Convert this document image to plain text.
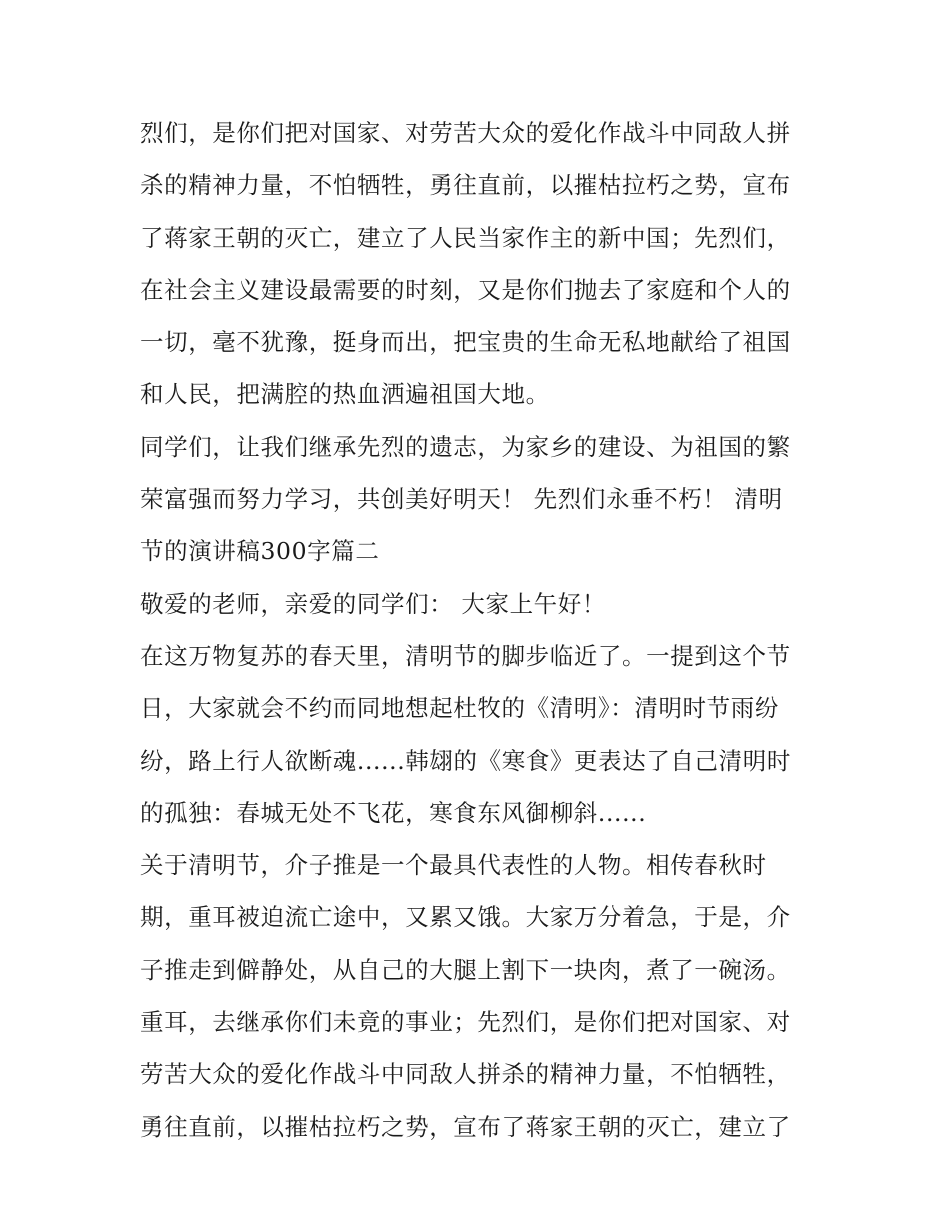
烈们，是你们把对国家、对劳苦大众的爱化作战斗中同敌人拼
杀的精神力量，不怕牺牲，勇往直前，以摧枯拉朽之势，宣布
了蒋家王朝的灭亡，建立了人民当家作主的新中国；先烈们，
在社会主义建设最需要的时刻，又是你们抛去了家庭和个人的
一切，毫不犹豫，挺身而出，把宝贵的生命无私地献给了祖国
和人民，把满腔的热血洒遍祖国大地。
同学们，让我们继承先烈的遗志，为家乡的建设、为祖国的繁
荣富强而努力学习，共创美好明天！ 先烈们永垂不朽！ 清明
节的演讲稿300字篇二
敬爱的老师，亲爱的同学们： 大家上午好！
在这万物复苏的春天里，清明节的脚步临近了。一提到这个节
日，大家就会不约而同地想起杜牧的《清明》：清明时节雨纷
纷，路上行人欲断魂......韩翃的《寒食》更表达了自己清明时
的孤独：春城无处不飞花，寒食东风御柳斜......
关于清明节，介子推是一个最具代表性的人物。相传春秋时
期，重耳被迫流亡途中，又累又饿。大家万分着急，于是，介
子推走到僻静处，从自己的大腿上割下一块肉，煮了一碗汤。
重耳，去继承你们未竟的事业；先烈们，是你们把对国家、对
劳苦大众的爱化作战斗中同敌人拼杀的精神力量，不怕牺牲，
勇往直前，以摧枯拉朽之势，宣布了蒋家王朝的灭亡，建立了
